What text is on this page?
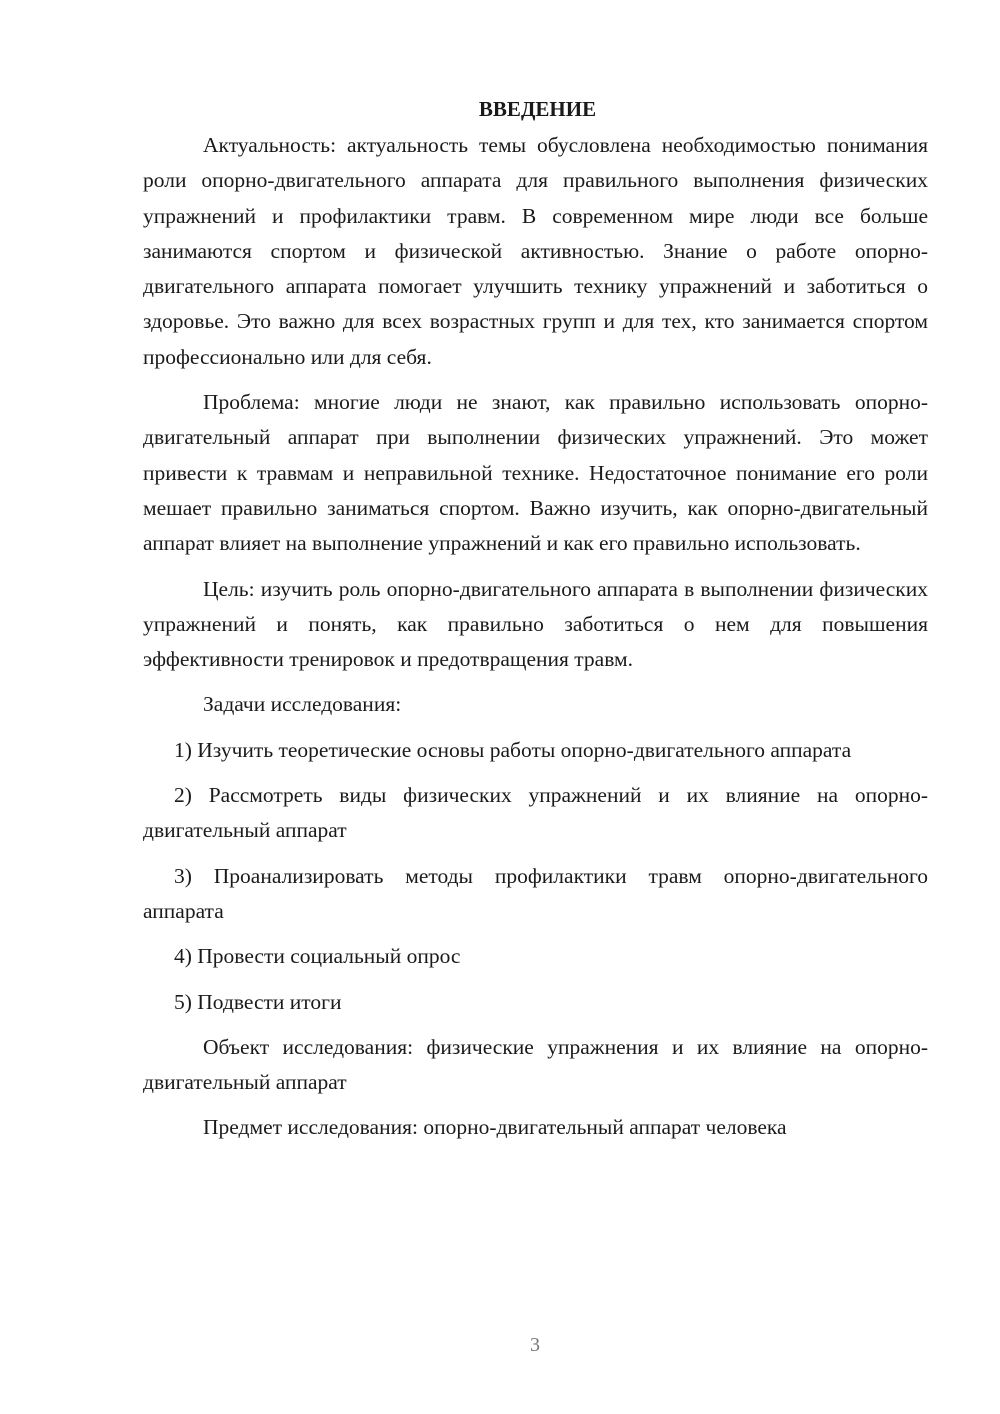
ВВЕДЕНИЕ

Актуальность: актуальность темы обусловлена необходимостью понимания роли опорно-двигательного аппарата для правильного выполнения физических упражнений и профилактики травм. В современном мире люди все больше занимаются спортом и физической активностью. Знание о работе опорно-двигательного аппарата помогает улучшить технику упражнений и заботиться о здоровье. Это важно для всех возрастных групп и для тех, кто занимается спортом профессионально или для себя.

Проблема: многие люди не знают, как правильно использовать опорно-двигательный аппарат при выполнении физических упражнений. Это может привести к травмам и неправильной технике. Недостаточное понимание его роли мешает правильно заниматься спортом. Важно изучить, как опорно-двигательный аппарат влияет на выполнение упражнений и как его правильно использовать.

Цель: изучить роль опорно-двигательного аппарата в выполнении физических упражнений и понять, как правильно заботиться о нем для повышения эффективности тренировок и предотвращения травм.

Задачи исследования:

1) Изучить теоретические основы работы опорно-двигательного аппарата

2) Рассмотреть виды физических упражнений и их влияние на опорно-двигательный аппарат

3) Проанализировать методы профилактики травм опорно-двигательного аппарата

4) Провести социальный опрос

5) Подвести итоги

Объект исследования: физические упражнения и их влияние на опорно-двигательный аппарат

Предмет исследования: опорно-двигательный аппарат человека

3
